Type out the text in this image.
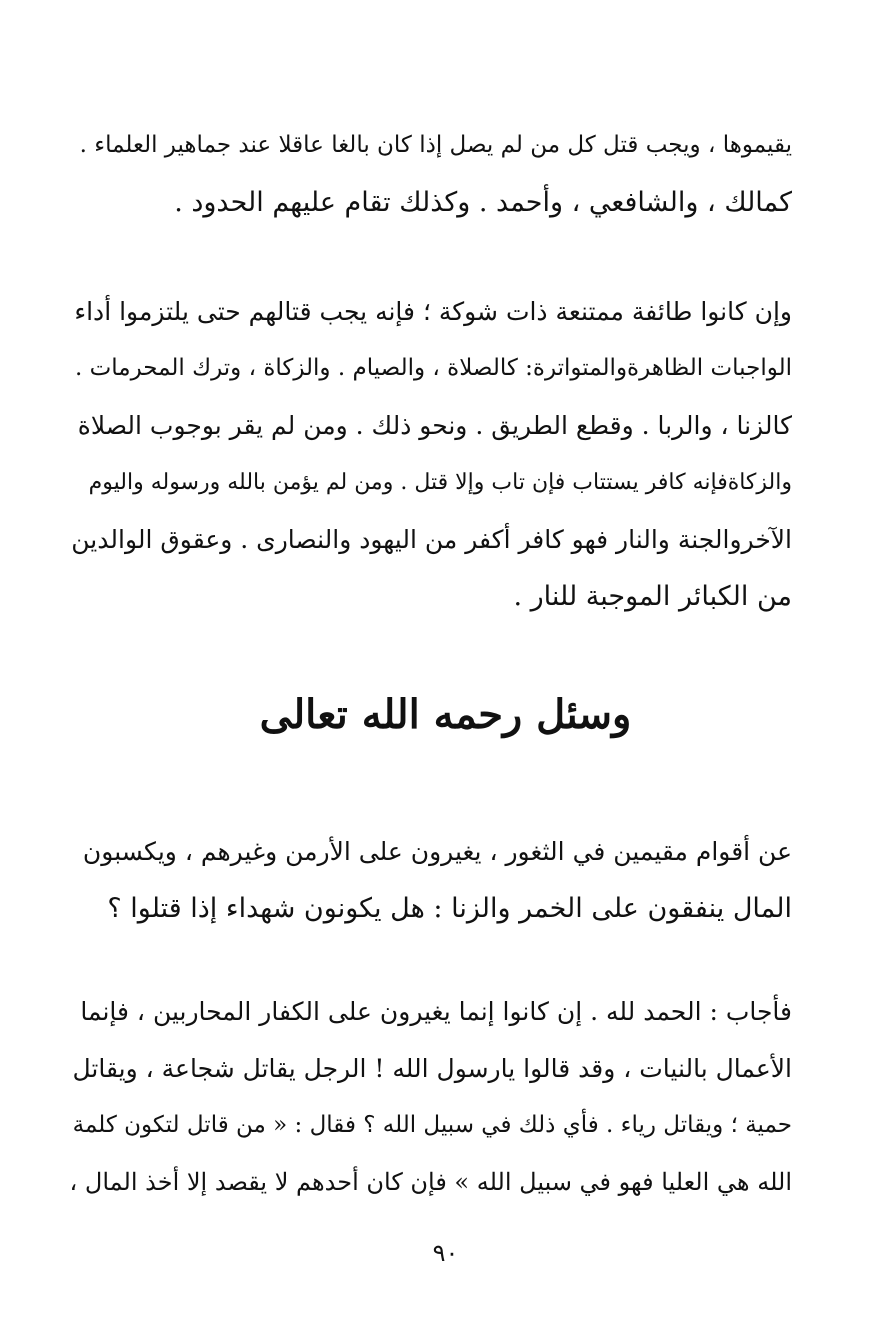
يقيموها ، ويجب قتل كل من لم يصل إذا كان بالغا عاقلا عند جماهير العلماء .

كمالك ، والشافعي ، وأحمد . وكذلك تقام عليهم الحدود .

وإن كانوا طائفة ممتنعة ذات شوكة ؛ فإنه يجب قتالهم حتى يلتزموا أداء

الواجبات الظاهرةوالمتواترة: كالصلاة ، والصيام . والزكاة ، وترك المحرمات .

كالزنا ، والربا . وقطع الطريق . ونحو ذلك . ومن لم يقر بوجوب الصلاة

والزكاةفإنه كافر يستتاب فإن تاب وإلا قتل . ومن لم يؤمن بالله ورسوله واليوم

الآخروالجنة والنار فهو كافر أكفر من اليهود والنصارى . وعقوق الوالدين

من الكبائر الموجبة للنار .

وسئل رحمه الله تعالى

عن أقوام مقيمين في الثغور ، يغيرون على الأرمن وغيرهم ، ويكسبون

المال ينفقون على الخمر والزنا : هل يكونون شهداء إذا قتلوا ؟

فأجاب : الحمد لله . إن كانوا إنما يغيرون على الكفار المحاربين ، فإنما

الأعمال بالنيات ، وقد قالوا يارسول الله ! الرجل يقاتل شجاعة ، ويقاتل

حمية ؛ ويقاتل رياء . فأي ذلك في سبيل الله ؟ فقال : « من قاتل لتكون كلمة

الله هي العليا فهو في سبيل الله » فإن كان أحدهم لا يقصد إلا أخذ المال ،

٩٠
